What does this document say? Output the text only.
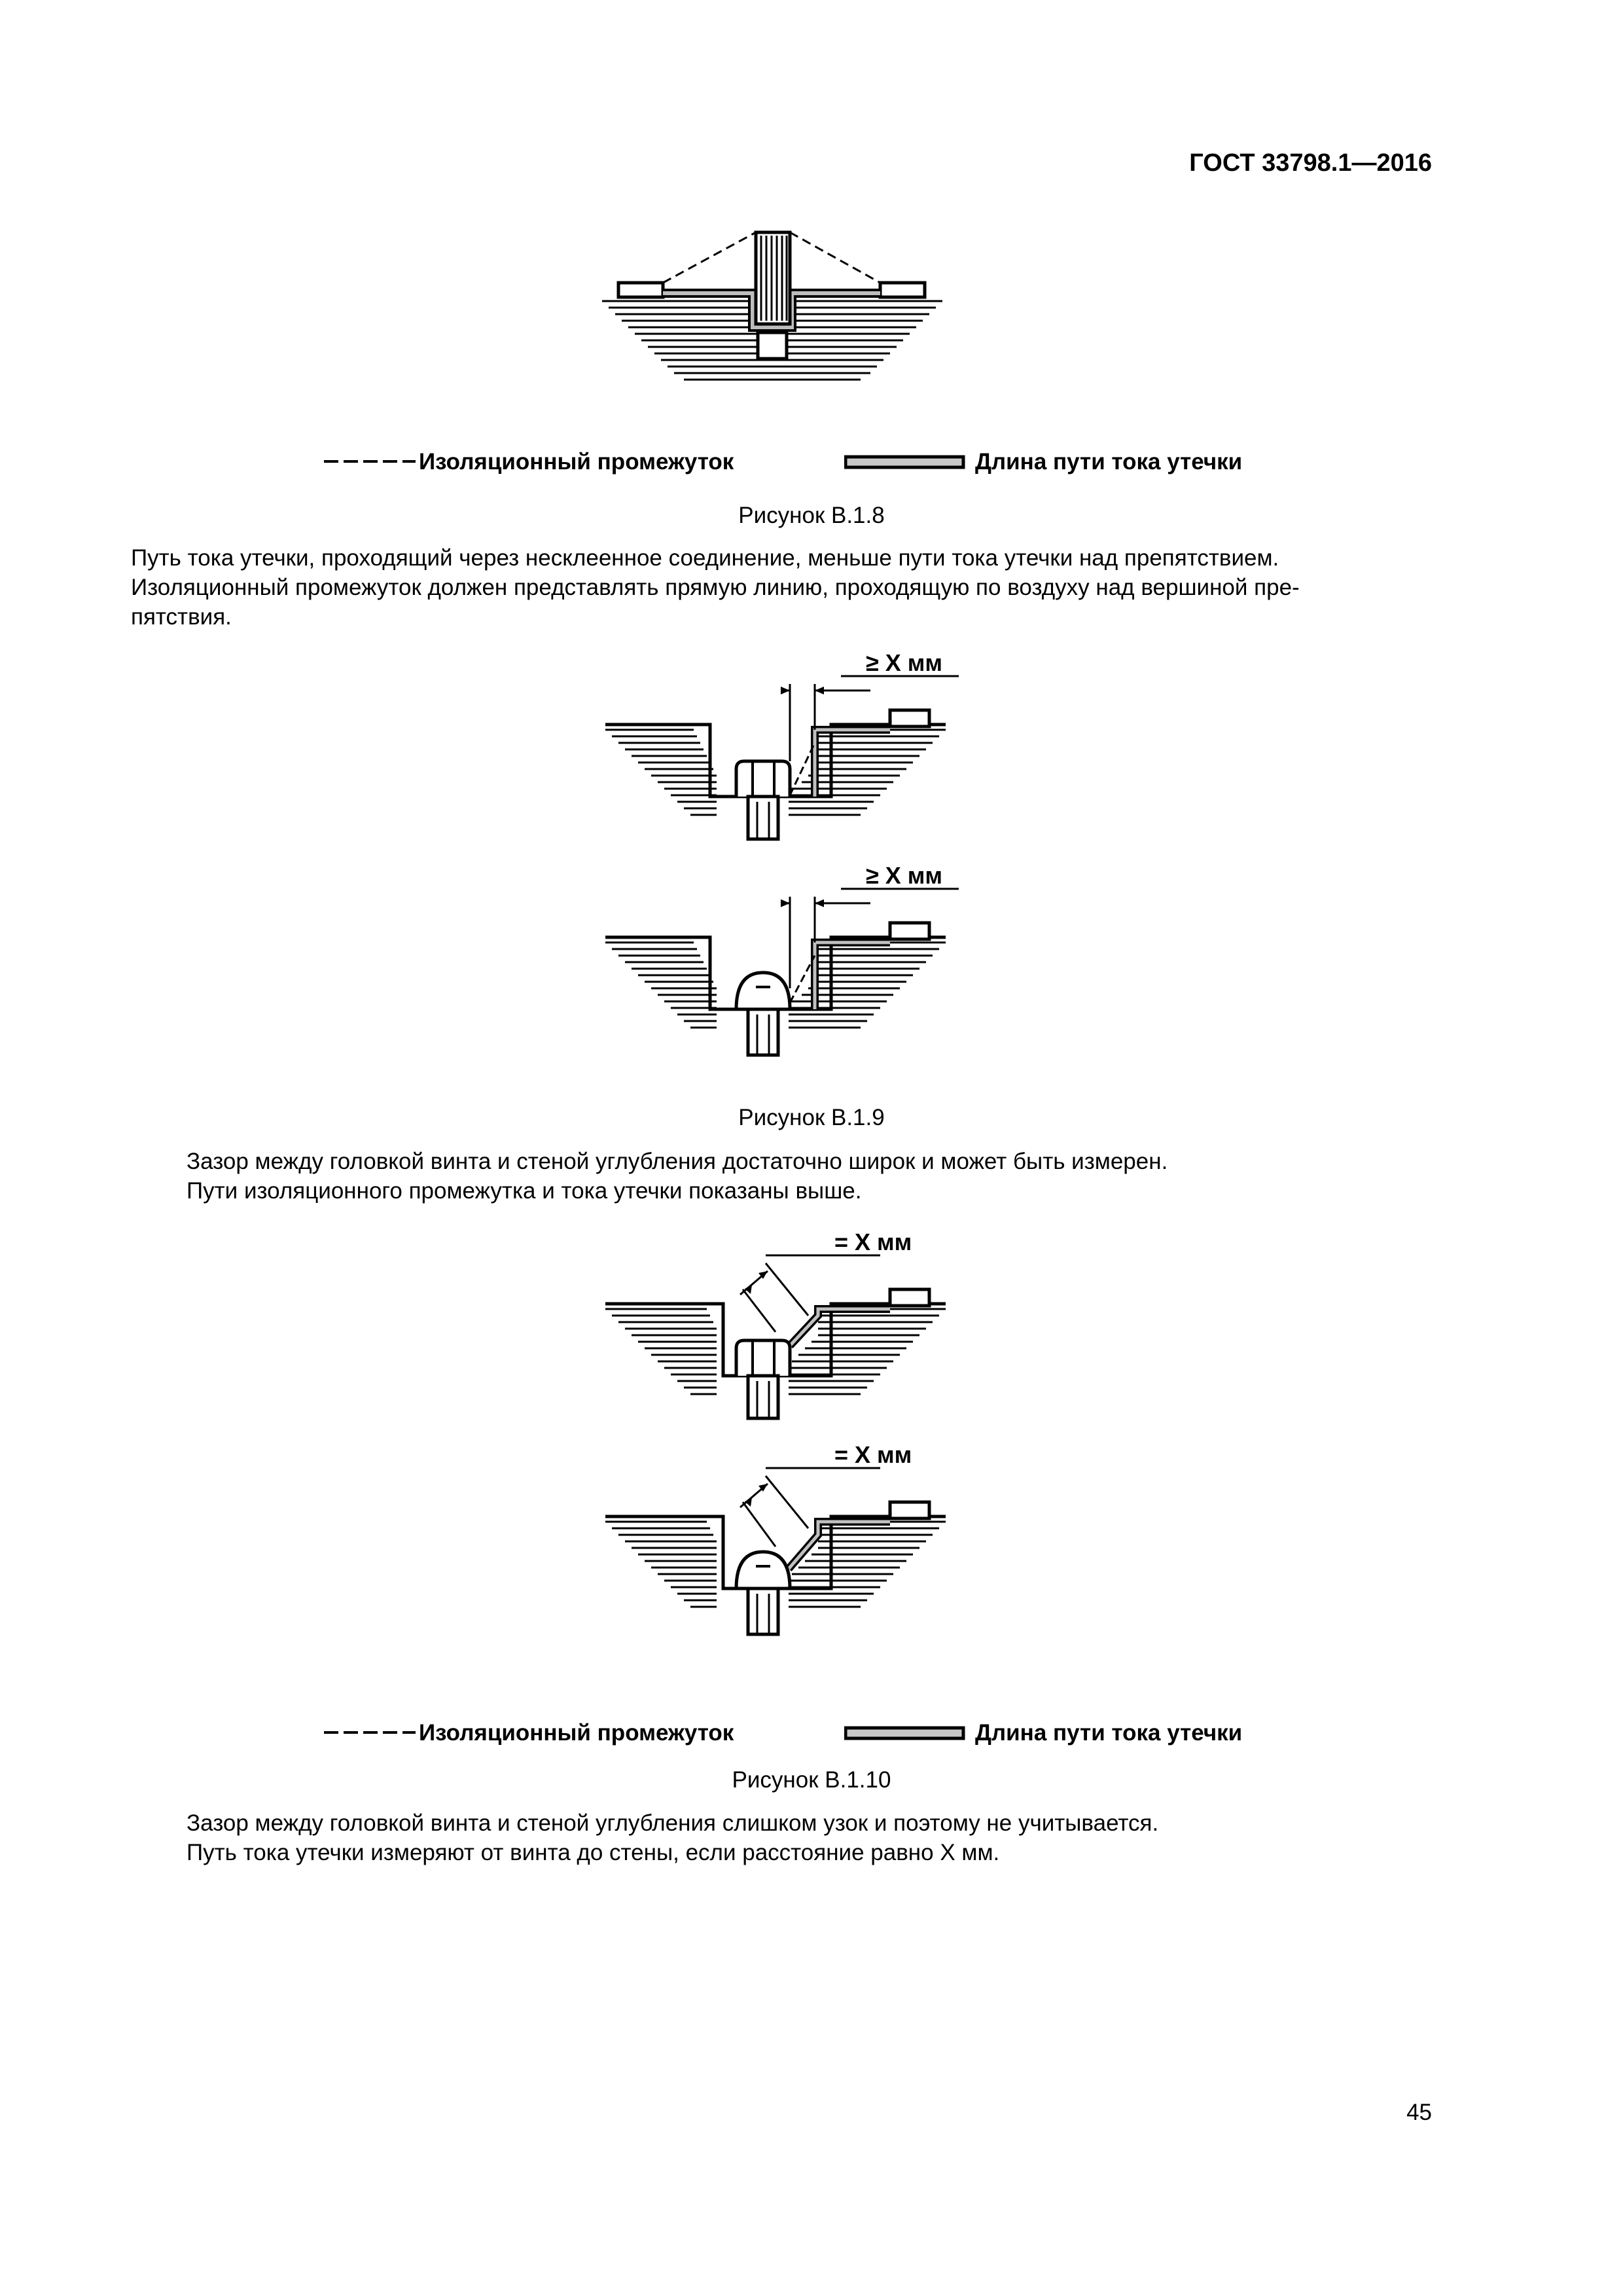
ГОСТ 33798.1—2016
Изоляционный промежуток	Длина пути тока утечки
Рисунок В.1.8

Путь тока утечки, проходящий через несклеенное соединение, меньше пути тока утечки над препятствием.

Изоляционный промежуток должен представлять прямую линию, проходящую по воздуху над вершиной пре-

пятствия.

≥ X мм
≥ X мм
Рисунок В.1.9

Зазор между головкой винта и стеной углубления достаточно широк и может быть измерен.

Пути изоляционного промежутка и тока утечки показаны выше.

= X мм
= X мм
Изоляционный промежуток	Длина пути тока утечки
Рисунок В.1.10

Зазор между головкой винта и стеной углубления слишком узок и поэтому не учитывается.

Путь тока утечки измеряют от винта до стены, если расстояние равно X мм.

45
